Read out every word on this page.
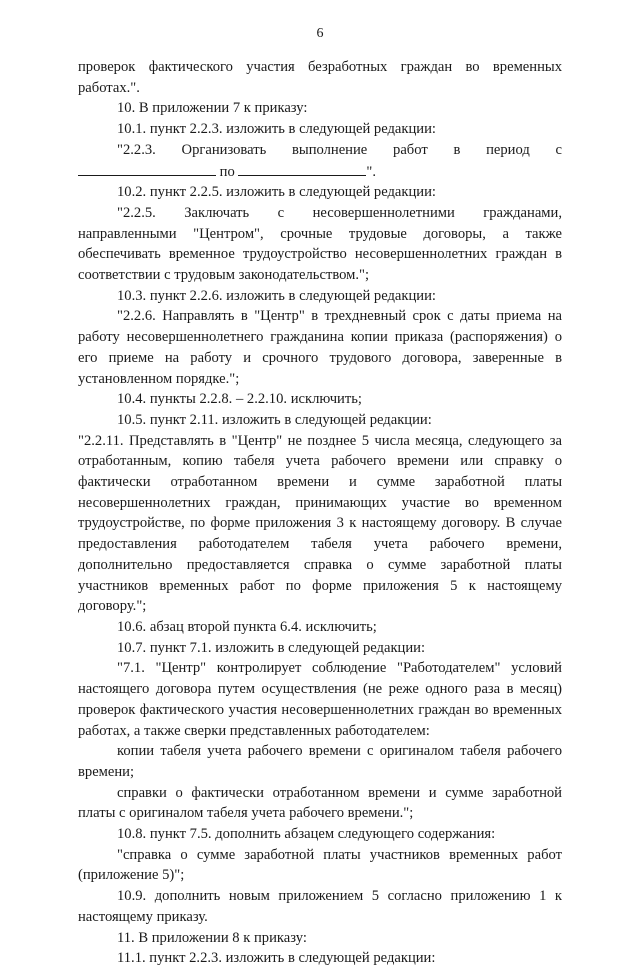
6

проверок фактического участия безработных граждан во временных работах.".

10. В приложении 7 к приказу:

10.1. пункт 2.2.3. изложить в следующей редакции:

"2.2.3. Организовать выполнение работ в период с

по	".

10.2. пункт 2.2.5. изложить в следующей редакции:

"2.2.5. Заключать с несовершеннолетними гражданами, направленными "Центром", срочные трудовые договоры, а также обеспечивать временное трудоустройство несовершеннолетних граждан в соответствии с трудовым законодательством.";

10.3. пункт 2.2.6. изложить в следующей редакции:

"2.2.6. Направлять в "Центр" в трехдневный срок с даты приема на работу несовершеннолетнего гражданина копии приказа (распоряжения) о его приеме на работу и срочного трудового договора, заверенные в установленном порядке.";

10.4. пункты 2.2.8. – 2.2.10. исключить;

10.5. пункт 2.11. изложить в следующей редакции:

"2.2.11. Представлять в "Центр" не позднее 5 числа месяца, следующего за отработанным, копию табеля учета рабочего времени или справку о фактически отработанном времени и сумме заработной платы несовершеннолетних граждан, принимающих участие во временном трудоустройстве, по форме приложения 3 к настоящему договору. В случае предоставления работодателем табеля учета рабочего времени, дополнительно предоставляется справка о сумме заработной платы участников временных работ по форме приложения 5 к настоящему договору.";

10.6. абзац второй пункта 6.4. исключить;

10.7. пункт 7.1. изложить в следующей редакции:

"7.1. "Центр" контролирует соблюдение "Работодателем" условий настоящего договора путем осуществления (не реже одного раза в месяц) проверок фактического участия несовершеннолетних граждан во временных работах, а также сверки представленных работодателем:

копии табеля учета рабочего времени с оригиналом табеля рабочего времени;

справки о фактически отработанном времени и сумме заработной платы с оригиналом табеля учета рабочего времени.";

10.8. пункт 7.5. дополнить абзацем следующего содержания:

"справка о сумме заработной платы участников временных работ (приложение 5)";

10.9. дополнить новым приложением 5 согласно приложению 1 к настоящему приказу.

11. В приложении 8 к приказу:

11.1. пункт 2.2.3. изложить в следующей редакции:
